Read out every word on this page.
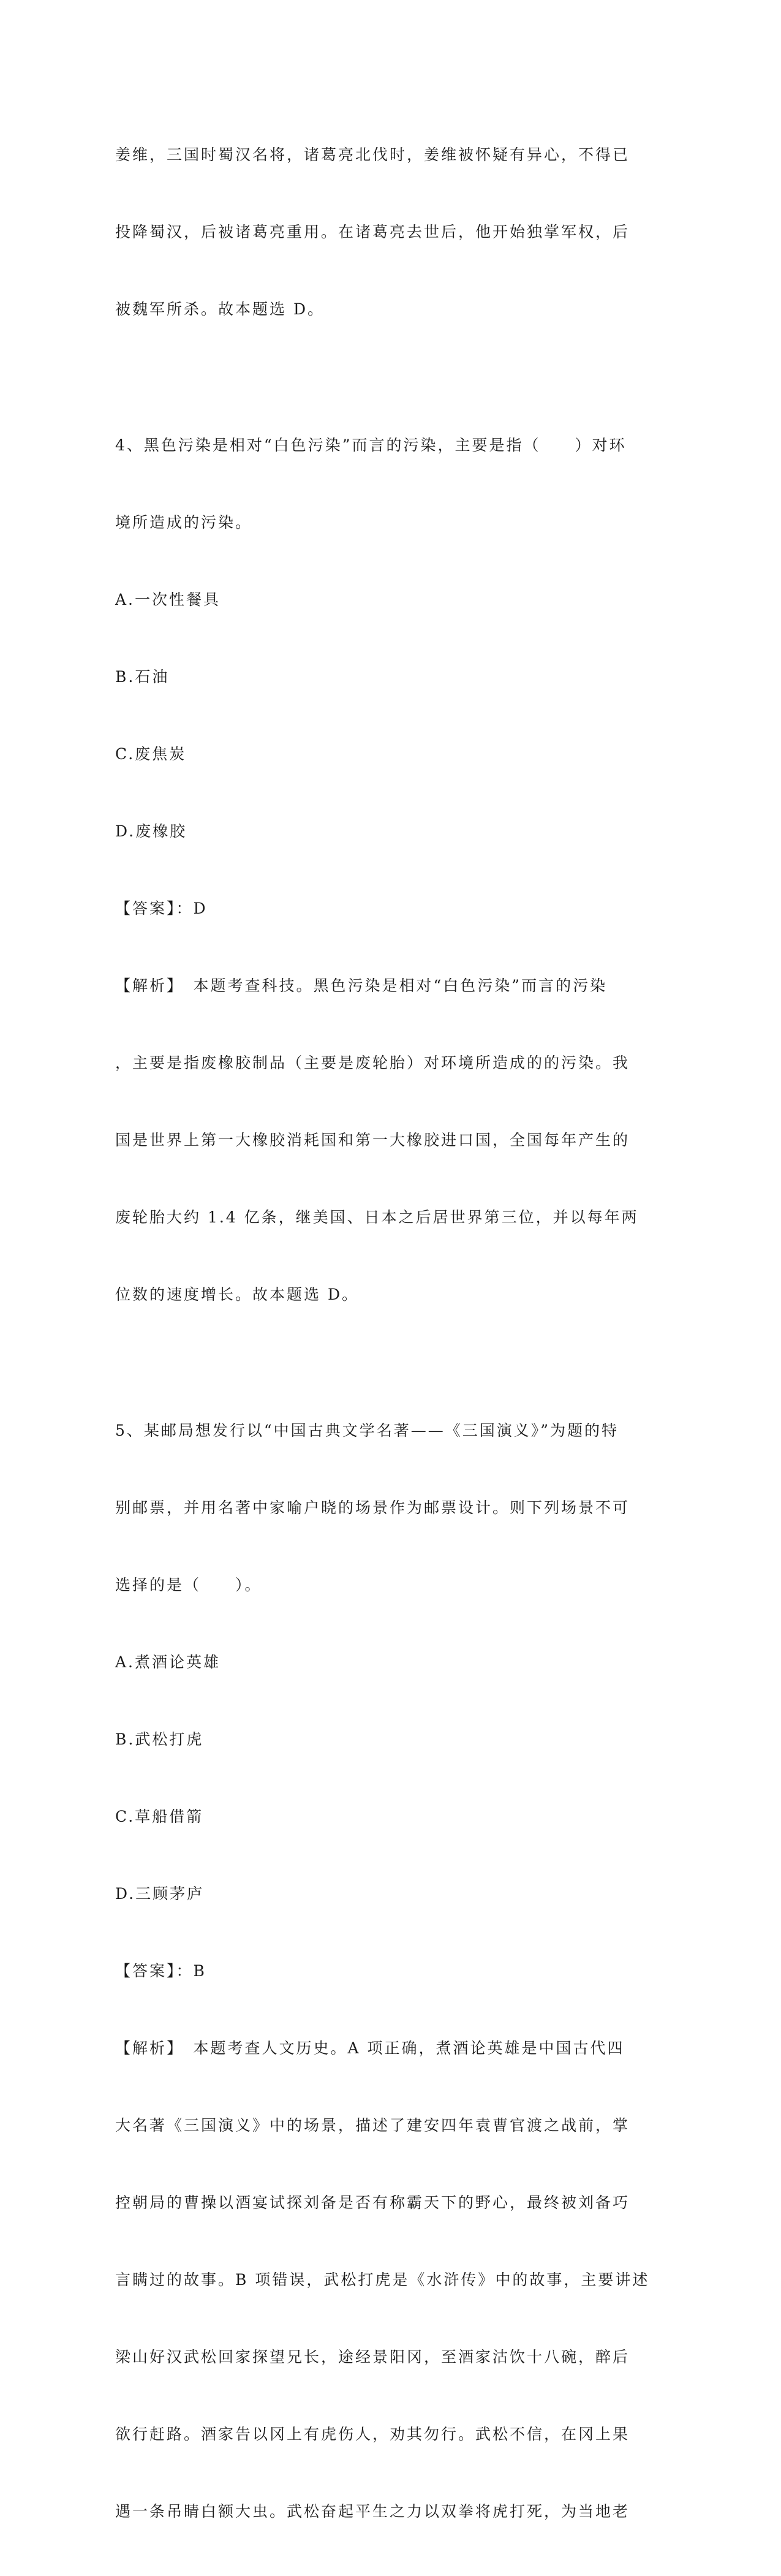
姜维，三国时蜀汉名将，诸葛亮北伐时，姜维被怀疑有异心，不得已

投降蜀汉，后被诸葛亮重用。在诸葛亮去世后，他开始独掌军权，后

被魏军所杀。故本题选 D。

4、黑色污染是相对“白色污染”而言的污染，主要是指（　　）对环

境所造成的污染。

A.一次性餐具

B.石油

C.废焦炭

D.废橡胶

【答案】：D

【解析】　本题考查科技。黑色污染是相对“白色污染”而言的污染

，主要是指废橡胶制品（主要是废轮胎）对环境所造成的的污染。我

国是世界上第一大橡胶消耗国和第一大橡胶进口国，全国每年产生的

废轮胎大约 1.4 亿条，继美国、日本之后居世界第三位，并以每年两

位数的速度增长。故本题选 D。

5、某邮局想发行以“中国古典文学名著——《三国演义》”为题的特

别邮票，并用名著中家喻户晓的场景作为邮票设计。则下列场景不可

选择的是（　　）。

A.煮酒论英雄

B.武松打虎

C.草船借箭

D.三顾茅庐

【答案】：B

【解析】　本题考查人文历史。A 项正确，煮酒论英雄是中国古代四

大名著《三国演义》中的场景，描述了建安四年袁曹官渡之战前，掌

控朝局的曹操以酒宴试探刘备是否有称霸天下的野心，最终被刘备巧

言瞒过的故事。B 项错误，武松打虎是《水浒传》中的故事，主要讲述

梁山好汉武松回家探望兄长，途经景阳冈，至酒家沽饮十八碗，醉后

欲行赶路。酒家告以冈上有虎伤人，劝其勿行。武松不信，在冈上果

遇一条吊睛白额大虫。武松奋起平生之力以双拳将虎打死，为当地老
